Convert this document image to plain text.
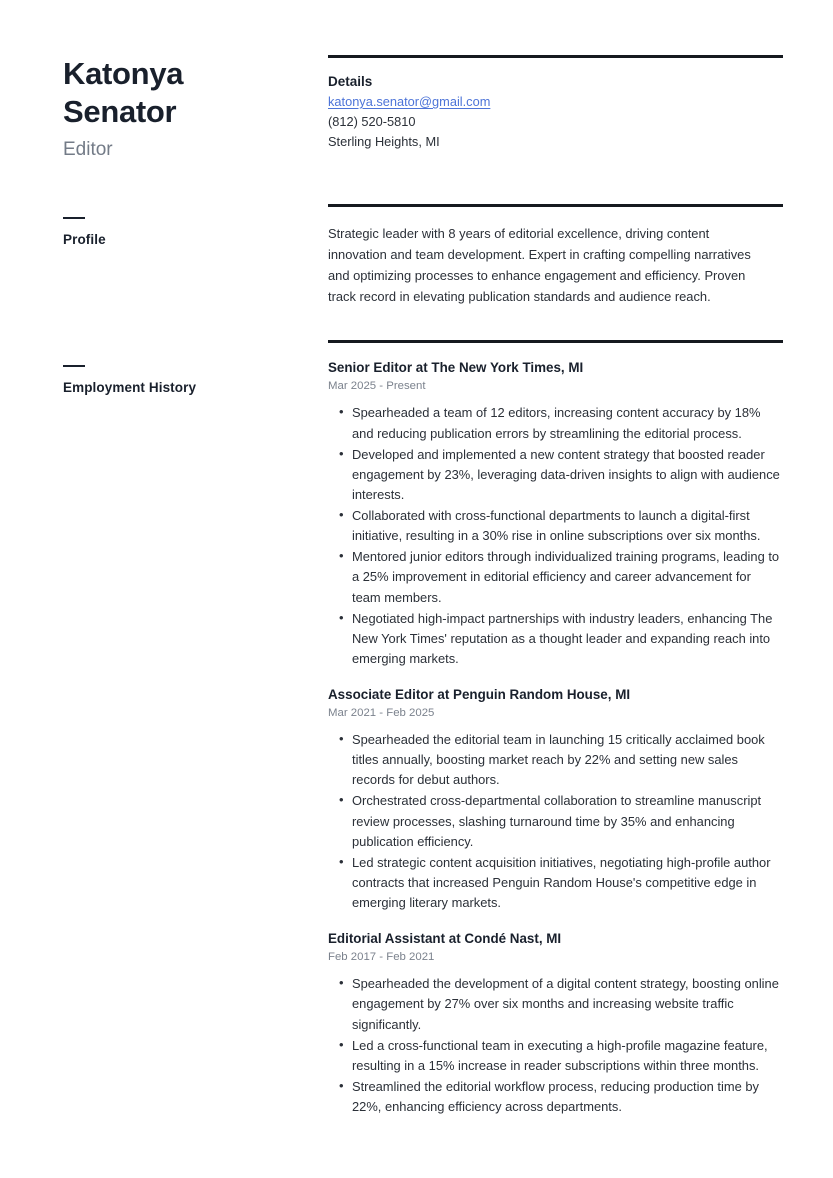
Katonya Senator
Editor
Profile
Employment History
Details
katonya.senator@gmail.com
(812) 520-5810
Sterling Heights, MI
Strategic leader with 8 years of editorial excellence, driving content innovation and team development. Expert in crafting compelling narratives and optimizing processes to enhance engagement and efficiency. Proven track record in elevating publication standards and audience reach.
Senior Editor at The New York Times, MI
Mar 2025 - Present
• Spearheaded a team of 12 editors, increasing content accuracy by 18% and reducing publication errors by streamlining the editorial process.
• Developed and implemented a new content strategy that boosted reader engagement by 23%, leveraging data-driven insights to align with audience interests.
• Collaborated with cross-functional departments to launch a digital-first initiative, resulting in a 30% rise in online subscriptions over six months.
• Mentored junior editors through individualized training programs, leading to a 25% improvement in editorial efficiency and career advancement for team members.
• Negotiated high-impact partnerships with industry leaders, enhancing The New York Times' reputation as a thought leader and expanding reach into emerging markets.
Associate Editor at Penguin Random House, MI
Mar 2021 - Feb 2025
• Spearheaded the editorial team in launching 15 critically acclaimed book titles annually, boosting market reach by 22% and setting new sales records for debut authors.
• Orchestrated cross-departmental collaboration to streamline manuscript review processes, slashing turnaround time by 35% and enhancing publication efficiency.
• Led strategic content acquisition initiatives, negotiating high-profile author contracts that increased Penguin Random House's competitive edge in emerging literary markets.
Editorial Assistant at Condé Nast, MI
Feb 2017 - Feb 2021
• Spearheaded the development of a digital content strategy, boosting online engagement by 27% over six months and increasing website traffic significantly.
• Led a cross-functional team in executing a high-profile magazine feature, resulting in a 15% increase in reader subscriptions within three months.
• Streamlined the editorial workflow process, reducing production time by 22%, enhancing efficiency across departments.
